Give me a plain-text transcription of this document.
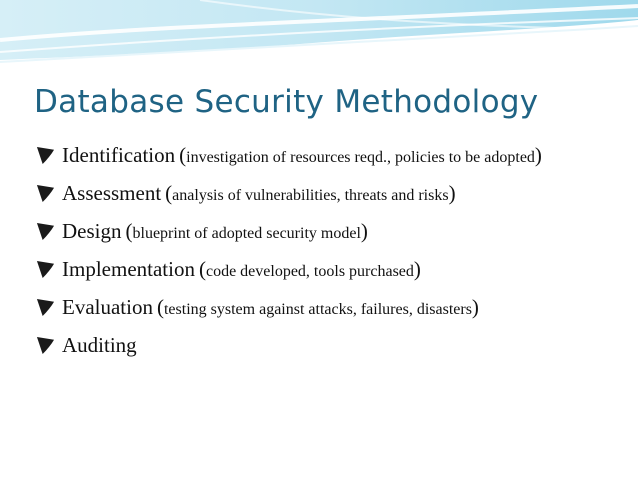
Database Security Methodology
Identification (investigation of resources reqd., policies to be adopted)
Assessment (analysis of vulnerabilities, threats and risks)
Design (blueprint of adopted security model)
Implementation (code developed, tools purchased)
Evaluation (testing system against attacks, failures, disasters)
Auditing
